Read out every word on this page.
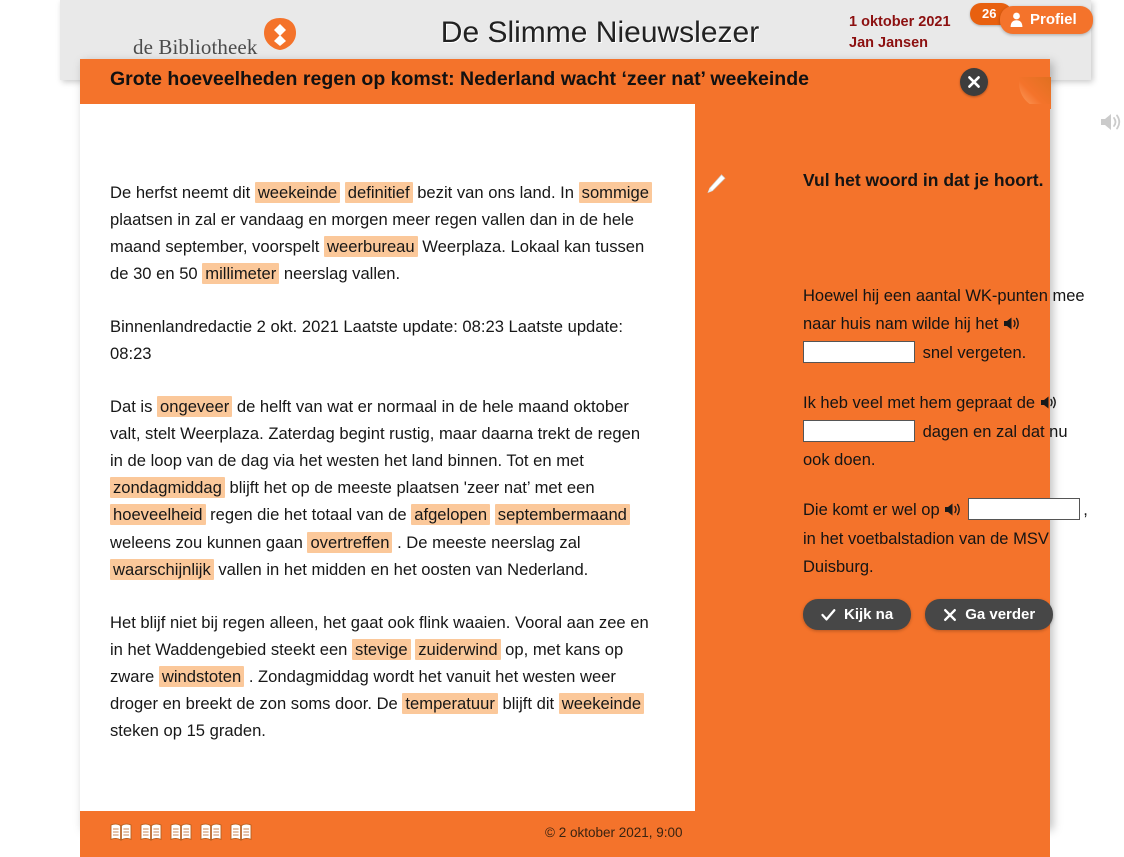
de Bibliotheek	De Slimme Nieuwslezer	1 oktober 2021
Jan Jansen
26	Profiel
Grote hoeveelheden regen op komst: Nederland wacht ‘zeer nat’ weekeinde

De herfst neemt dit weekeinde definitief bezit van ons land. In sommige plaatsen in zal er vandaag en morgen meer regen vallen dan in de hele maand september, voorspelt weerbureau Weerplaza. Lokaal kan tussen de 30 en 50 millimeter neerslag vallen.

Binnenlandredactie 2 okt. 2021 Laatste update: 08:23 Laatste update: 08:23

Dat is ongeveer de helft van wat er normaal in de hele maand oktober valt, stelt Weerplaza. Zaterdag begint rustig, maar daarna trekt de regen in de loop van de dag via het westen het land binnen. Tot en met zondagmiddag blijft het op de meeste plaatsen 'zeer nat’ met een hoeveelheid regen die het totaal van de afgelopen septembermaand weleens zou kunnen gaan overtreffen . De meeste neerslag zal waarschijnlijk vallen in het midden en het oosten van Nederland.

Het blijf niet bij regen alleen, het gaat ook flink waaien. Vooral aan zee en in het Waddengebied steekt een stevige zuiderwind op, met kans op zware windstoten . Zondagmiddag wordt het vanuit het westen weer droger en breekt de zon soms door. De temperatuur blijft dit weekeinde steken op 15 graden.

Vul het woord in dat je hoort.
Hoewel hij een aantal WK-punten mee naar huis nam wilde hij het  snel vergeten.
Ik heb veel met hem gepraat de  dagen en zal dat nu ook doen.
Die komt er wel op	, in het voetbalstadion van de MSV Duisburg.
Kijk na	Ga verder
© 2 oktober 2021, 9:00
